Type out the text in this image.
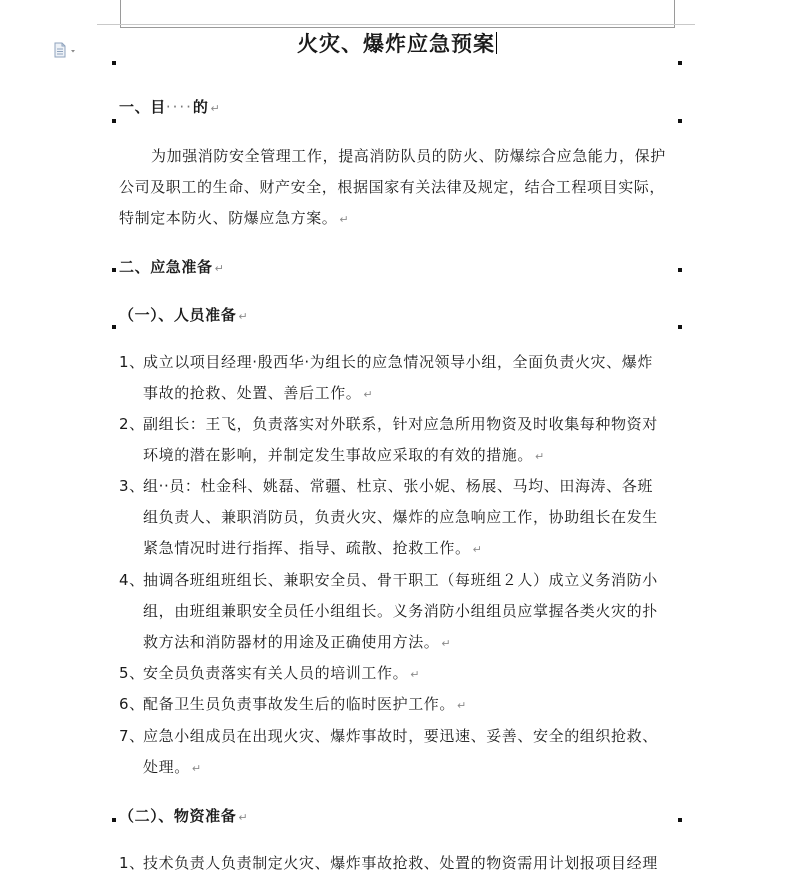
火灾、爆炸应急预案
一、目····的 ↵
为加强消防安全管理工作，提高消防队员的防火、防爆综合应急能力，保护
公司及职工的生命、财产安全，根据国家有关法律及规定，结合工程项目实际，
特制定本防火、防爆应急方案。 ↵
二、应急准备 ↵
（一）、人员准备 ↵
1、
成立以项目经理·殷西华·为组长的应急情况领导小组，全面负责火灾、爆炸
事故的抢救、处置、善后工作。 ↵
2、
副组长：王飞，负责落实对外联系，针对应急所用物资及时收集每种物资对
环境的潜在影响，并制定发生事故应采取的有效的措施。 ↵
3、
组··员：杜金科、姚磊、常疆、杜京、张小妮、杨展、马均、田海涛、各班
组负责人、兼职消防员，负责火灾、爆炸的应急响应工作，协助组长在发生
紧急情况时进行指挥、指导、疏散、抢救工作。 ↵
4、
抽调各班组班组长、兼职安全员、骨干职工（每班组２人）成立义务消防小
组，由班组兼职安全员任小组组长。义务消防小组组员应掌握各类火灾的扑
救方法和消防器材的用途及正确使用方法。 ↵
5、
安全员负责落实有关人员的培训工作。 ↵
6、
配备卫生员负责事故发生后的临时医护工作。 ↵
7、
应急小组成员在出现火灾、爆炸事故时，要迅速、妥善、安全的组织抢救、
处理。 ↵
（二）、物资准备 ↵
1、
技术负责人负责制定火灾、爆炸事故抢救、处置的物资需用计划报项目经理
